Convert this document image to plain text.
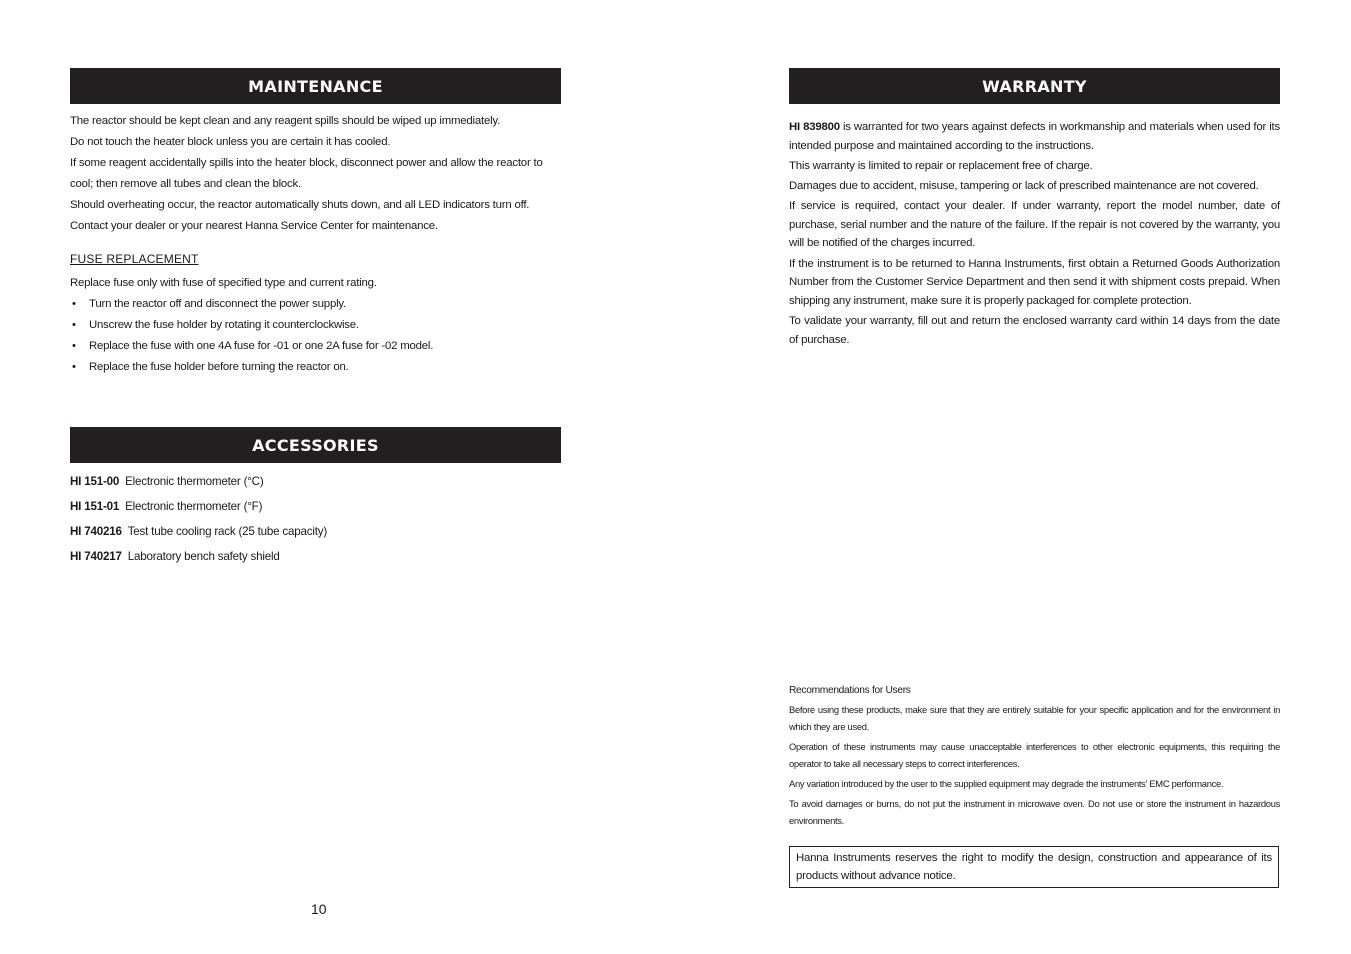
MAINTENANCE

The reactor should be kept clean and any reagent spills should be wiped up immediately.

Do not touch the heater block unless you are certain it has cooled.

If some reagent accidentally spills into the heater block, disconnect power and allow the reactor to cool; then remove all tubes and clean the block.

Should overheating occur, the reactor automatically shuts down, and all LED indicators turn off. Contact your dealer or your nearest Hanna Service Center for maintenance.

FUSE REPLACEMENT

Replace fuse only with fuse of specified type and current rating.

• Turn the reactor off and disconnect the power supply.
• Unscrew the fuse holder by rotating it counterclockwise.
• Replace the fuse with one 4A fuse for -01 or one 2A fuse for -02 model.
• Replace the fuse holder before turning the reactor on.
ACCESSORIES
HI 151-00 Electronic thermometer (°C)
HI 151-01 Electronic thermometer (°F)
HI 740216 Test tube cooling rack (25 tube capacity)
HI 740217 Laboratory bench safety shield
10
WARRANTY

HI 839800 is warranted for two years against defects in workmanship and materials when used for its intended purpose and maintained according to the instructions.

This warranty is limited to repair or replacement free of charge.

Damages due to accident, misuse, tampering or lack of prescribed maintenance are not covered.

If service is required, contact your dealer. If under warranty, report the model number, date of purchase, serial number and the nature of the failure. If the repair is not covered by the warranty, you will be notified of the charges incurred.

If the instrument is to be returned to Hanna Instruments, first obtain a Returned Goods Authorization Number from the Customer Service Department and then send it with shipment costs prepaid. When shipping any instrument, make sure it is properly packaged for complete protection.

To validate your warranty, fill out and return the enclosed warranty card within 14 days from the date of purchase.

Recommendations for Users

Before using these products, make sure that they are entirely suitable for your specific application and for the environment in which they are used.

Operation of these instruments may cause unacceptable interferences to other electronic equipments, this requiring the operator to take all necessary steps to correct interferences.

Any variation introduced by the user to the supplied equipment may degrade the instruments' EMC performance.

To avoid damages or burns, do not put the instrument in microwave oven. Do not use or store the instrument in hazardous environments.

Hanna Instruments reserves the right to modify the design, construction and appearance of its products without advance notice.
